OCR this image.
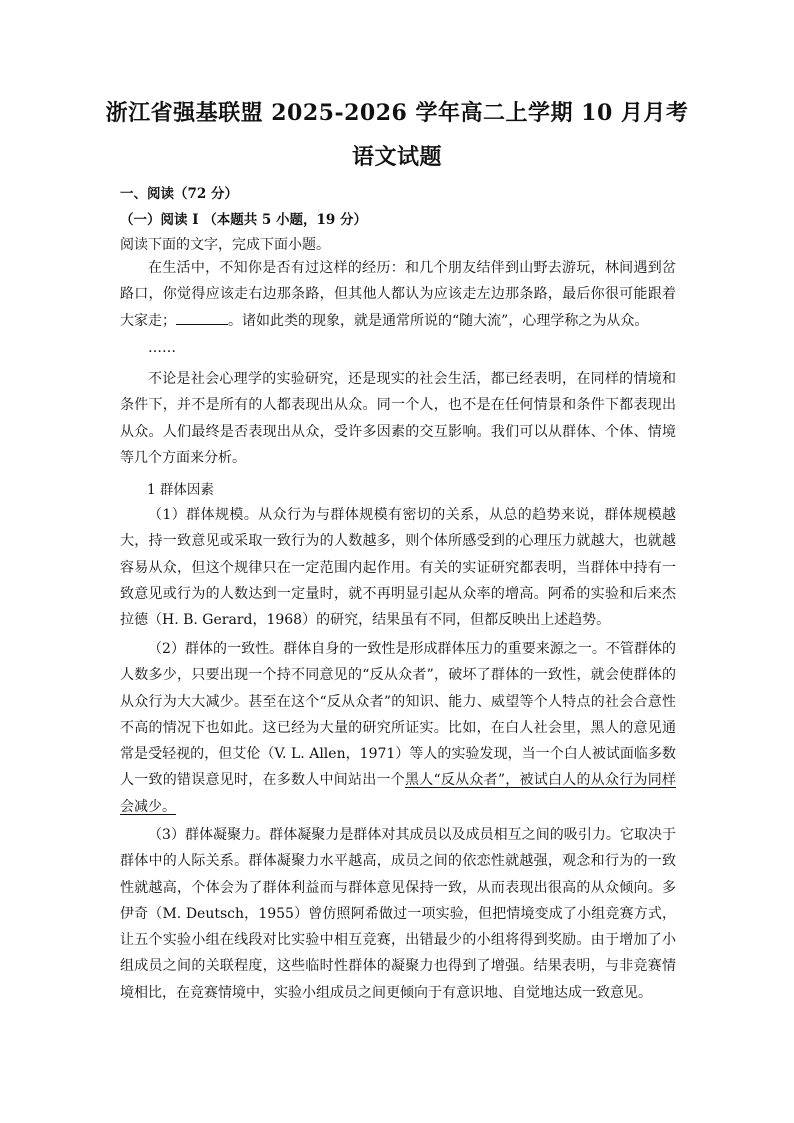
浙江省强基联盟 2025-2026 学年高二上学期 10 月月考
语文试题
一、阅读（72 分）
（一）阅读 I （本题共 5 小题，19 分）
阅读下面的文字，完成下面小题。

在生活中，不知你是否有过这样的经历：和几个朋友结伴到山野去游玩，林间遇到岔路口，你觉得应该走右边那条路，但其他人都认为应该走左边那条路，最后你很可能跟着大家走；	。诸如此类的现象，就是通常所说的“随大流”，心理学称之为从众。

……

不论是社会心理学的实验研究，还是现实的社会生活，都已经表明，在同样的情境和条件下，并不是所有的人都表现出从众。同一个人，也不是在任何情景和条件下都表现出从众。人们最终是否表现出从众，受许多因素的交互影响。我们可以从群体、个体、情境等几个方面来分析。

1 群体因素

（1）群体规模。从众行为与群体规模有密切的关系，从总的趋势来说，群体规模越大，持一致意见或采取一致行为的人数越多，则个体所感受到的心理压力就越大，也就越容易从众，但这个规律只在一定范围内起作用。有关的实证研究都表明，当群体中持有一致意见或行为的人数达到一定量时，就不再明显引起从众率的增高。阿希的实验和后来杰拉德（H. B. Gerard，1968）的研究，结果虽有不同，但都反映出上述趋势。

（2）群体的一致性。群体自身的一致性是形成群体压力的重要来源之一。不管群体的人数多少，只要出现一个持不同意见的“反从众者”，破坏了群体的一致性，就会使群体的从众行为大大减少。甚至在这个“反从众者”的知识、能力、威望等个人特点的社会合意性不高的情况下也如此。这已经为大量的研究所证实。比如，在白人社会里，黑人的意见通常是受轻视的，但艾伦（V. L. Allen，1971）等人的实验发现，当一个白人被试面临多数人一致的错误意见时，在多数人中间站出一个黑人“反从众者”，被试白人的从众行为同样会减少。

（3）群体凝聚力。群体凝聚力是群体对其成员以及成员相互之间的吸引力。它取决于群体中的人际关系。群体凝聚力水平越高，成员之间的依恋性就越强，观念和行为的一致性就越高，个体会为了群体利益而与群体意见保持一致，从而表现出很高的从众倾向。多伊奇（M. Deutsch，1955）曾仿照阿希做过一项实验，但把情境变成了小组竞赛方式，让五个实验小组在线段对比实验中相互竞赛，出错最少的小组将得到奖励。由于增加了小组成员之间的关联程度，这些临时性群体的凝聚力也得到了增强。结果表明，与非竞赛情境相比，在竞赛情境中，实验小组成员之间更倾向于有意识地、自觉地达成一致意见。
